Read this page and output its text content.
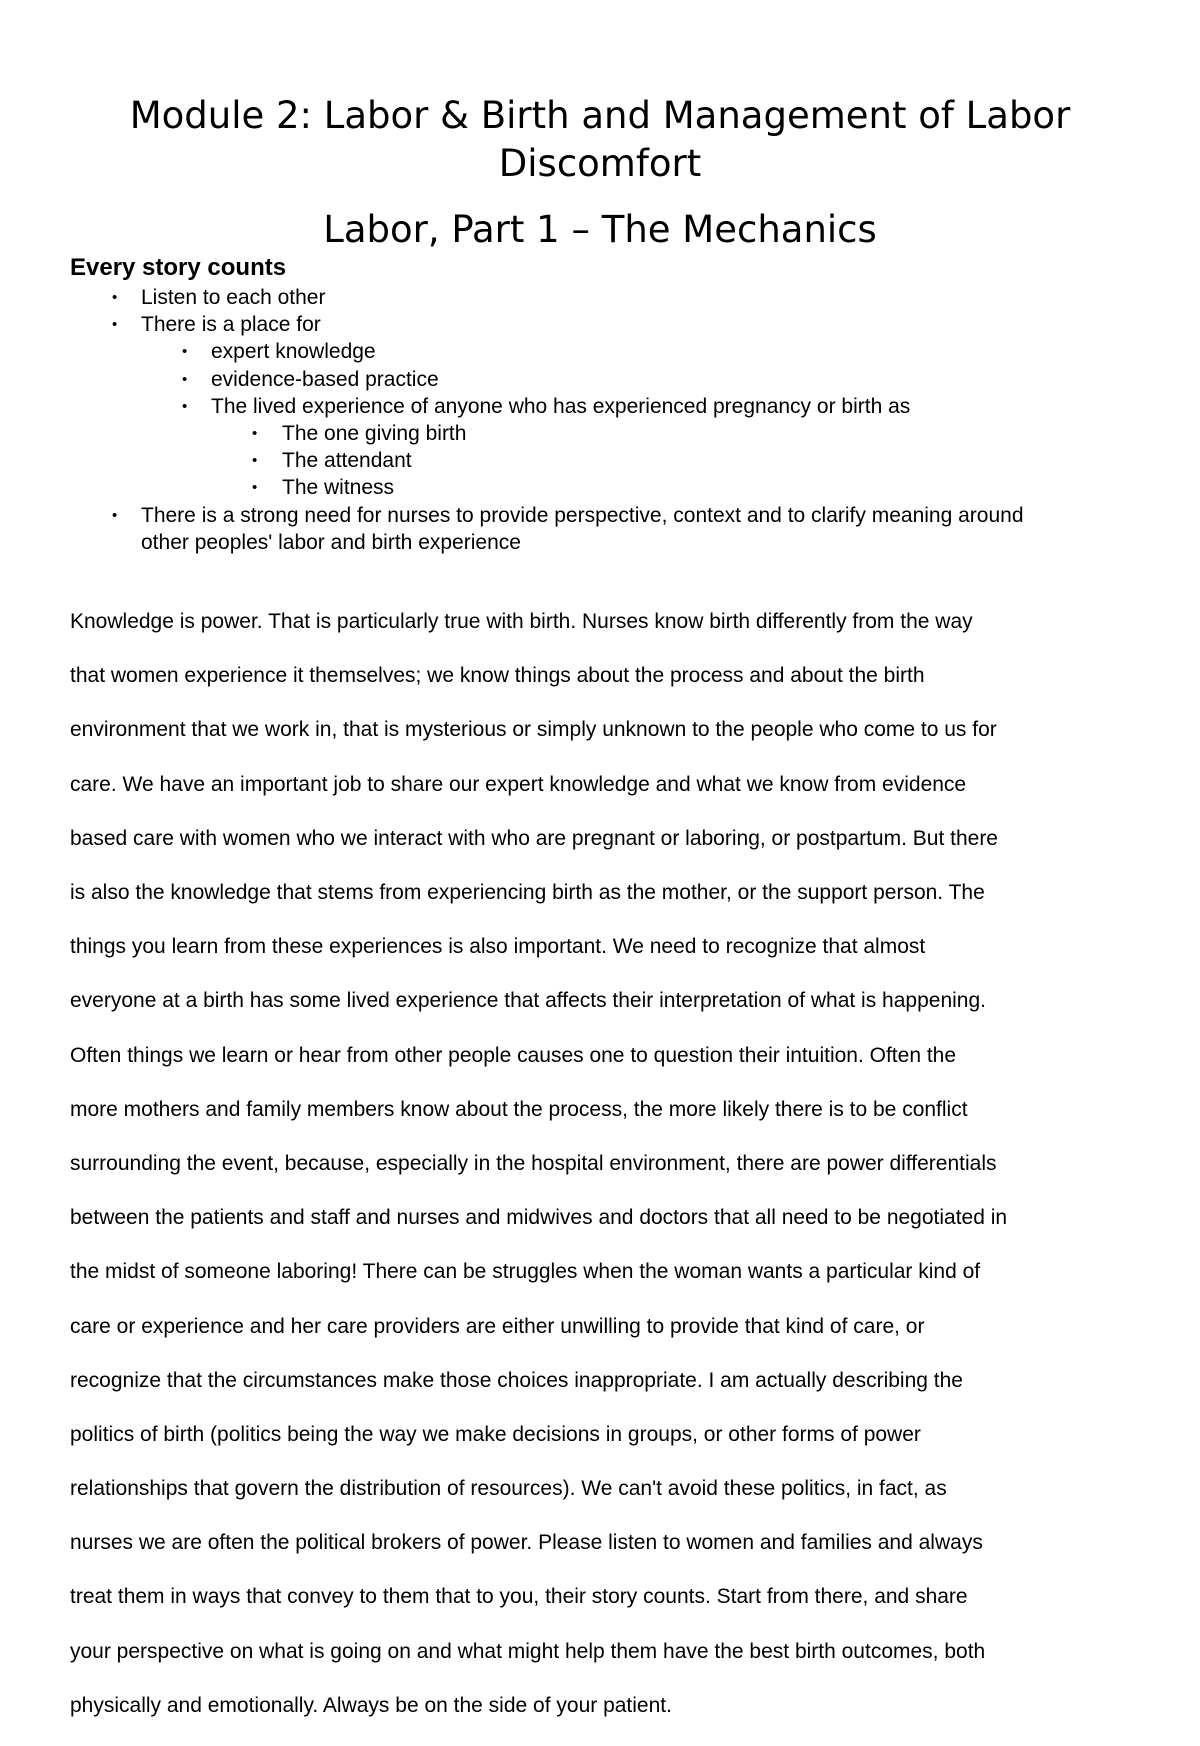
Module 2: Labor & Birth and Management of Labor Discomfort
Labor, Part 1 – The Mechanics
Every story counts
• Listen to each other
• There is a place for
• expert knowledge
• evidence-based practice
• The lived experience of anyone who has experienced pregnancy or birth as
• The one giving birth
• The attendant
• The witness
• There is a strong need for nurses to provide perspective, context and to clarify meaning around other peoples' labor and birth experience

Knowledge is power. That is particularly true with birth. Nurses know birth differently from the way

that women experience it themselves; we know things about the process and about the birth

environment that we work in, that is mysterious or simply unknown to the people who come to us for

care. We have an important job to share our expert knowledge and what we know from evidence

based care with women who we interact with who are pregnant or laboring, or postpartum. But there

is also the knowledge that stems from experiencing birth as the mother, or the support person. The

things you learn from these experiences is also important. We need to recognize that almost

everyone at a birth has some lived experience that affects their interpretation of what is happening.

Often things we learn or hear from other people causes one to question their intuition. Often the

more mothers and family members know about the process, the more likely there is to be conflict

surrounding the event, because, especially in the hospital environment, there are power differentials

between the patients and staff and nurses and midwives and doctors that all need to be negotiated in

the midst of someone laboring! There can be struggles when the woman wants a particular kind of

care or experience and her care providers are either unwilling to provide that kind of care, or

recognize that the circumstances make those choices inappropriate. I am actually describing the

politics of birth (politics being the way we make decisions in groups, or other forms of power

relationships that govern the distribution of resources). We can't avoid these politics, in fact, as

nurses we are often the political brokers of power. Please listen to women and families and always

treat them in ways that convey to them that to you, their story counts. Start from there, and share

your perspective on what is going on and what might help them have the best birth outcomes, both

physically and emotionally. Always be on the side of your patient.
